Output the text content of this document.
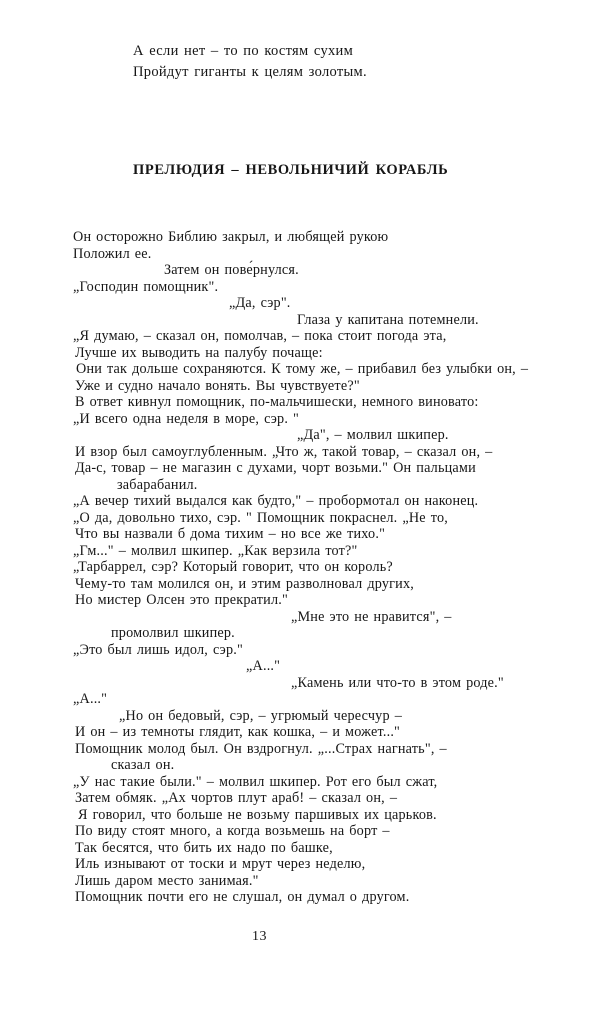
А если нет – то по костям сухим
Пройдут гиганты к целям золотым.
ПРЕЛЮДИЯ – НЕВОЛЬНИЧИЙ КОРАБЛЬ
Он осторожно Библию закрыл, и любящей рукою
Положил ее.
Затем он пове́рнулся.
„Господин помощник".
„Да, сэр".
Глаза у капитана потемнели.
„Я думаю, – сказал он, помолчав, – пока стоит погода эта,
Лучше их выводить на палубу почаще:
Они так дольше сохраняются. К тому же, – прибавил без улыбки он, –
Уже и судно начало вонять. Вы чувствуете?"
В ответ кивнул помощник, по-мальчишески, немного виновато:
„И всего одна неделя в море, сэр. "
„Да", – молвил шкипер.
И взор был самоуглубленным. „Что ж, такой товар, – сказал он, –
Да-с, товар – не магазин с духами, чорт возьми." Он пальцами
забарабанил.
„А вечер тихий выдался как будто," – пробормотал он наконец.
„О да, довольно тихо, сэр. " Помощник покраснел. „Не то,
Что вы назвали б дома тихим – но все же тихо."
„Гм..." – молвил шкипер. „Как верзила тот?"
„Тарбаррел, сэр? Который говорит, что он король?
Чему-то там молился он, и этим разволновал других,
Но мистер Олсен это прекратил."
„Мне это не нравится", –
промолвил шкипер.
„Это был лишь идол, сэр."
„А..."
„Камень или что-то в этом роде."
„А..."
„Но он бедовый, сэр, – угрюмый чересчур –
И он – из темноты глядит, как кошка, – и может..."
Помощник молод был. Он вздрогнул. „...Страх нагнать", –
сказал он.
„У нас такие были." – молвил шкипер. Рот его был сжат,
Затем обмяк. „Ах чортов плут араб! – сказал он, –
Я говорил, что больше не возьму паршивых их царьков.
По виду стоят много, а когда возьмешь на борт –
Так бесятся, что бить их надо по башке,
Иль изнывают от тоски и мрут через неделю,
Лишь даром место занимая."
Помощник почти его не слушал, он думал о другом.
13
